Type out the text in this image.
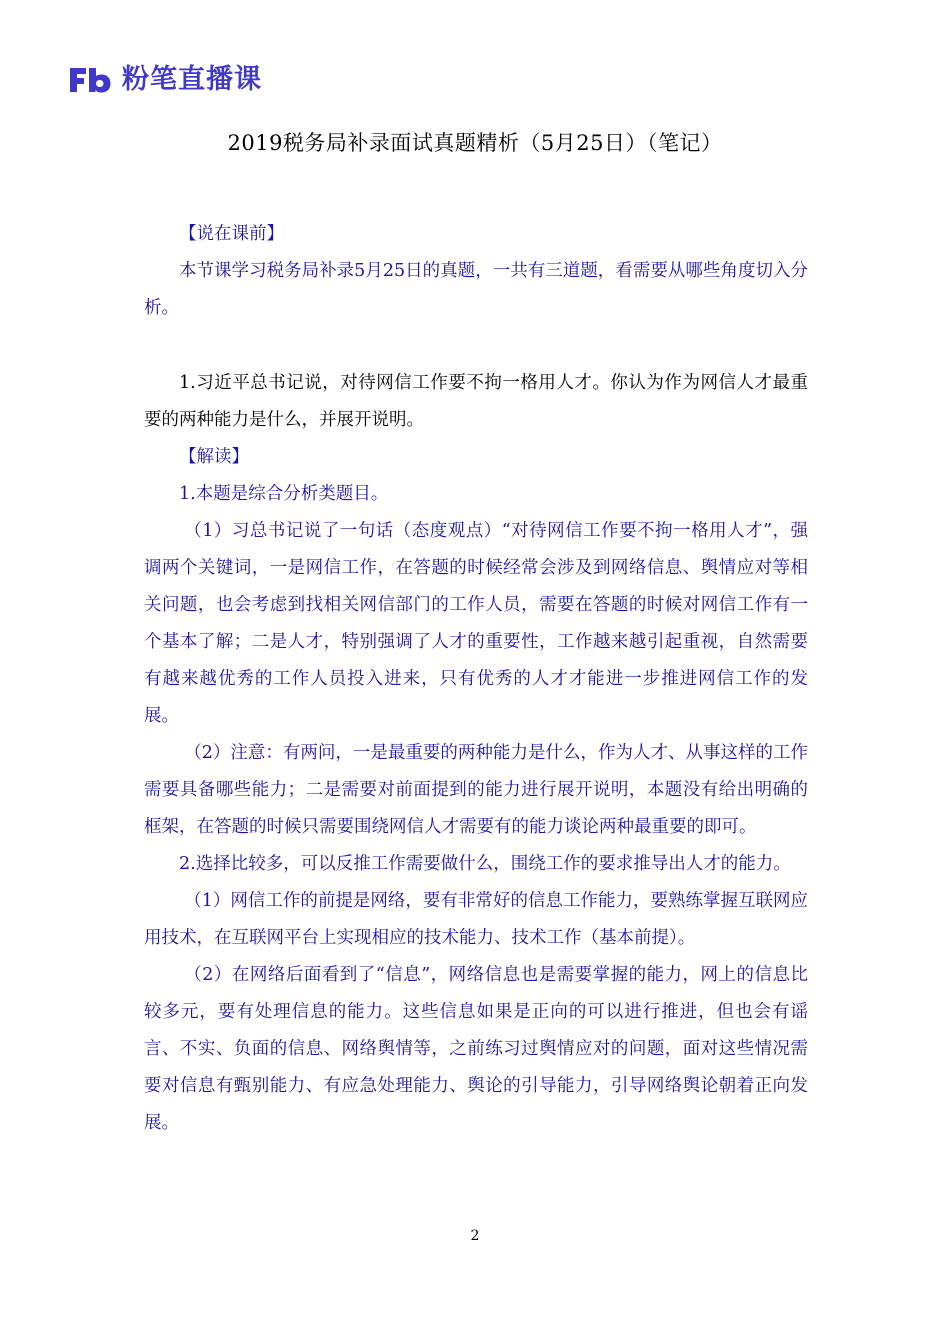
粉笔直播课
2019税务局补录面试真题精析（5月25日）（笔记）

【说在课前】

本节课学习税务局补录5月25日的真题，一共有三道题，看需要从哪些角度切入分析。

1.习近平总书记说，对待网信工作要不拘一格用人才。你认为作为网信人才最重要的两种能力是什么，并展开说明。

【解读】

1.本题是综合分析类题目。

（1）习总书记说了一句话（态度观点）“对待网信工作要不拘一格用人才”，强调两个关键词，一是网信工作，在答题的时候经常会涉及到网络信息、舆情应对等相关问题，也会考虑到找相关网信部门的工作人员，需要在答题的时候对网信工作有一个基本了解；二是人才，特别强调了人才的重要性，工作越来越引起重视，自然需要有越来越优秀的工作人员投入进来，只有优秀的人才才能进一步推进网信工作的发展。

（2）注意：有两问，一是最重要的两种能力是什么，作为人才、从事这样的工作需要具备哪些能力；二是需要对前面提到的能力进行展开说明，本题没有给出明确的框架，在答题的时候只需要围绕网信人才需要有的能力谈论两种最重要的即可。

2.选择比较多，可以反推工作需要做什么，围绕工作的要求推导出人才的能力。

（1）网信工作的前提是网络，要有非常好的信息工作能力，要熟练掌握互联网应用技术，在互联网平台上实现相应的技术能力、技术工作（基本前提）。

（2）在网络后面看到了“信息”，网络信息也是需要掌握的能力，网上的信息比较多元，要有处理信息的能力。这些信息如果是正向的可以进行推进，但也会有谣言、不实、负面的信息、网络舆情等，之前练习过舆情应对的问题，面对这些情况需要对信息有甄别能力、有应急处理能力、舆论的引导能力，引导网络舆论朝着正向发展。

2
